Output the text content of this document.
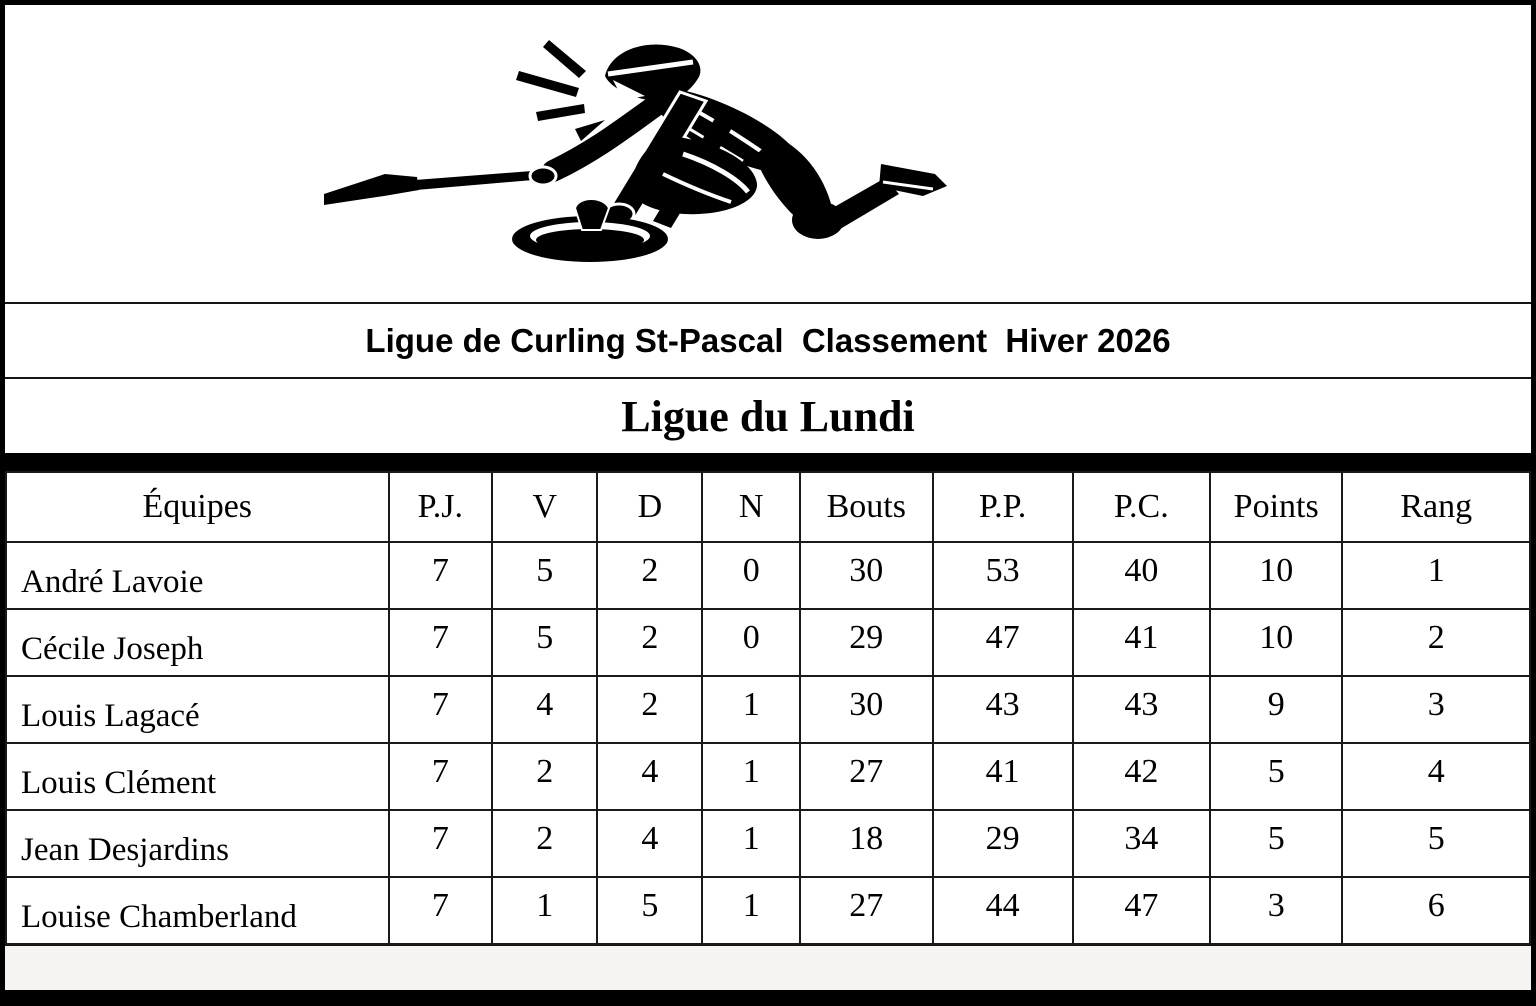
Ligue de Curling St-Pascal  Classement  Hiver 2026
Ligue du Lundi
Équipes	P.J.	V	D	N	Bouts	P.P.	P.C.	Points	Rang
André Lavoie	7	5	2	0	30	53	40	10	1
Cécile Joseph	7	5	2	0	29	47	41	10	2
Louis Lagacé	7	4	2	1	30	43	43	9	3
Louis Clément	7	2	4	1	27	41	42	5	4
Jean Desjardins	7	2	4	1	18	29	34	5	5
Louise Chamberland	7	1	5	1	27	44	47	3	6
